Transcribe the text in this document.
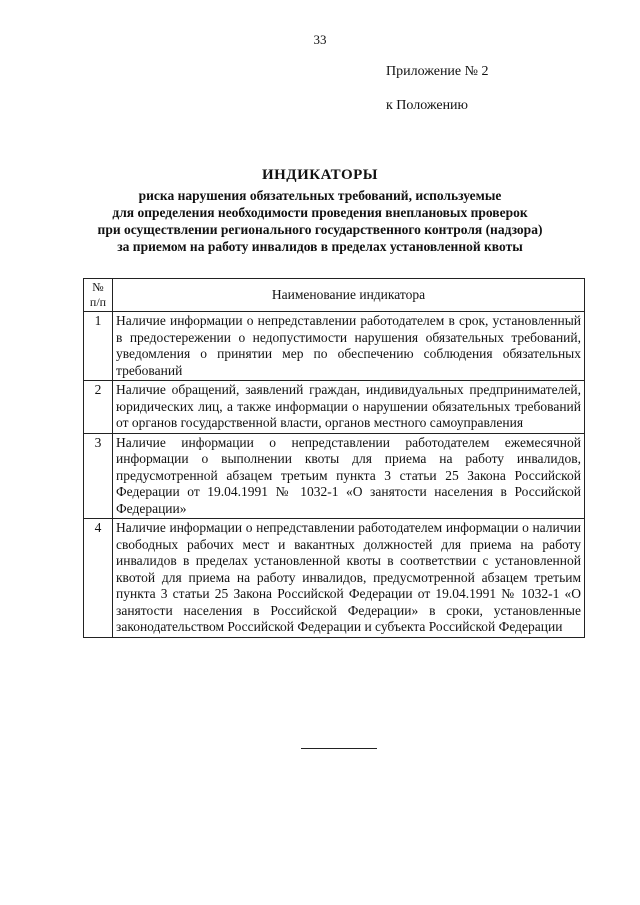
33
Приложение № 2
к Положению
ИНДИКАТОРЫ
риска нарушения обязательных требований, используемые
для определения необходимости проведения внеплановых проверок
при осуществлении регионального государственного контроля (надзора)
за приемом на работу инвалидов в пределах установленной квоты
№
п/п	Наименование индикатора
1	Наличие информации о непредставлении работодателем в срок, установленный в предостережении о недопустимости нарушения обязательных требований, уведомления о принятии мер по обеспечению соблюдения обязательных требований
2	Наличие обращений, заявлений граждан, индивидуальных предпринимателей, юридических лиц, а также информации о нарушении обязательных требований от органов государственной власти, органов местного самоуправления
3	Наличие информации о непредставлении работодателем ежемесячной информации о выполнении квоты для приема на работу инвалидов, предусмотренной абзацем третьим пункта 3 статьи 25 Закона Российской Федерации от 19.04.1991 № 1032-1 «О занятости населения в Российской Федерации»
4	Наличие информации о непредставлении работодателем информации о наличии свободных рабочих мест и вакантных должностей для приема на работу инвалидов в пределах установленной квоты в соответствии с установленной квотой для приема на работу инвалидов, предусмотренной абзацем третьим пункта 3 статьи 25 Закона Российской Федерации от 19.04.1991 № 1032-1 «О занятости населения в Российской Федерации» в сроки, установленные законодательством Российской Федерации и субъекта Российской Федерации
